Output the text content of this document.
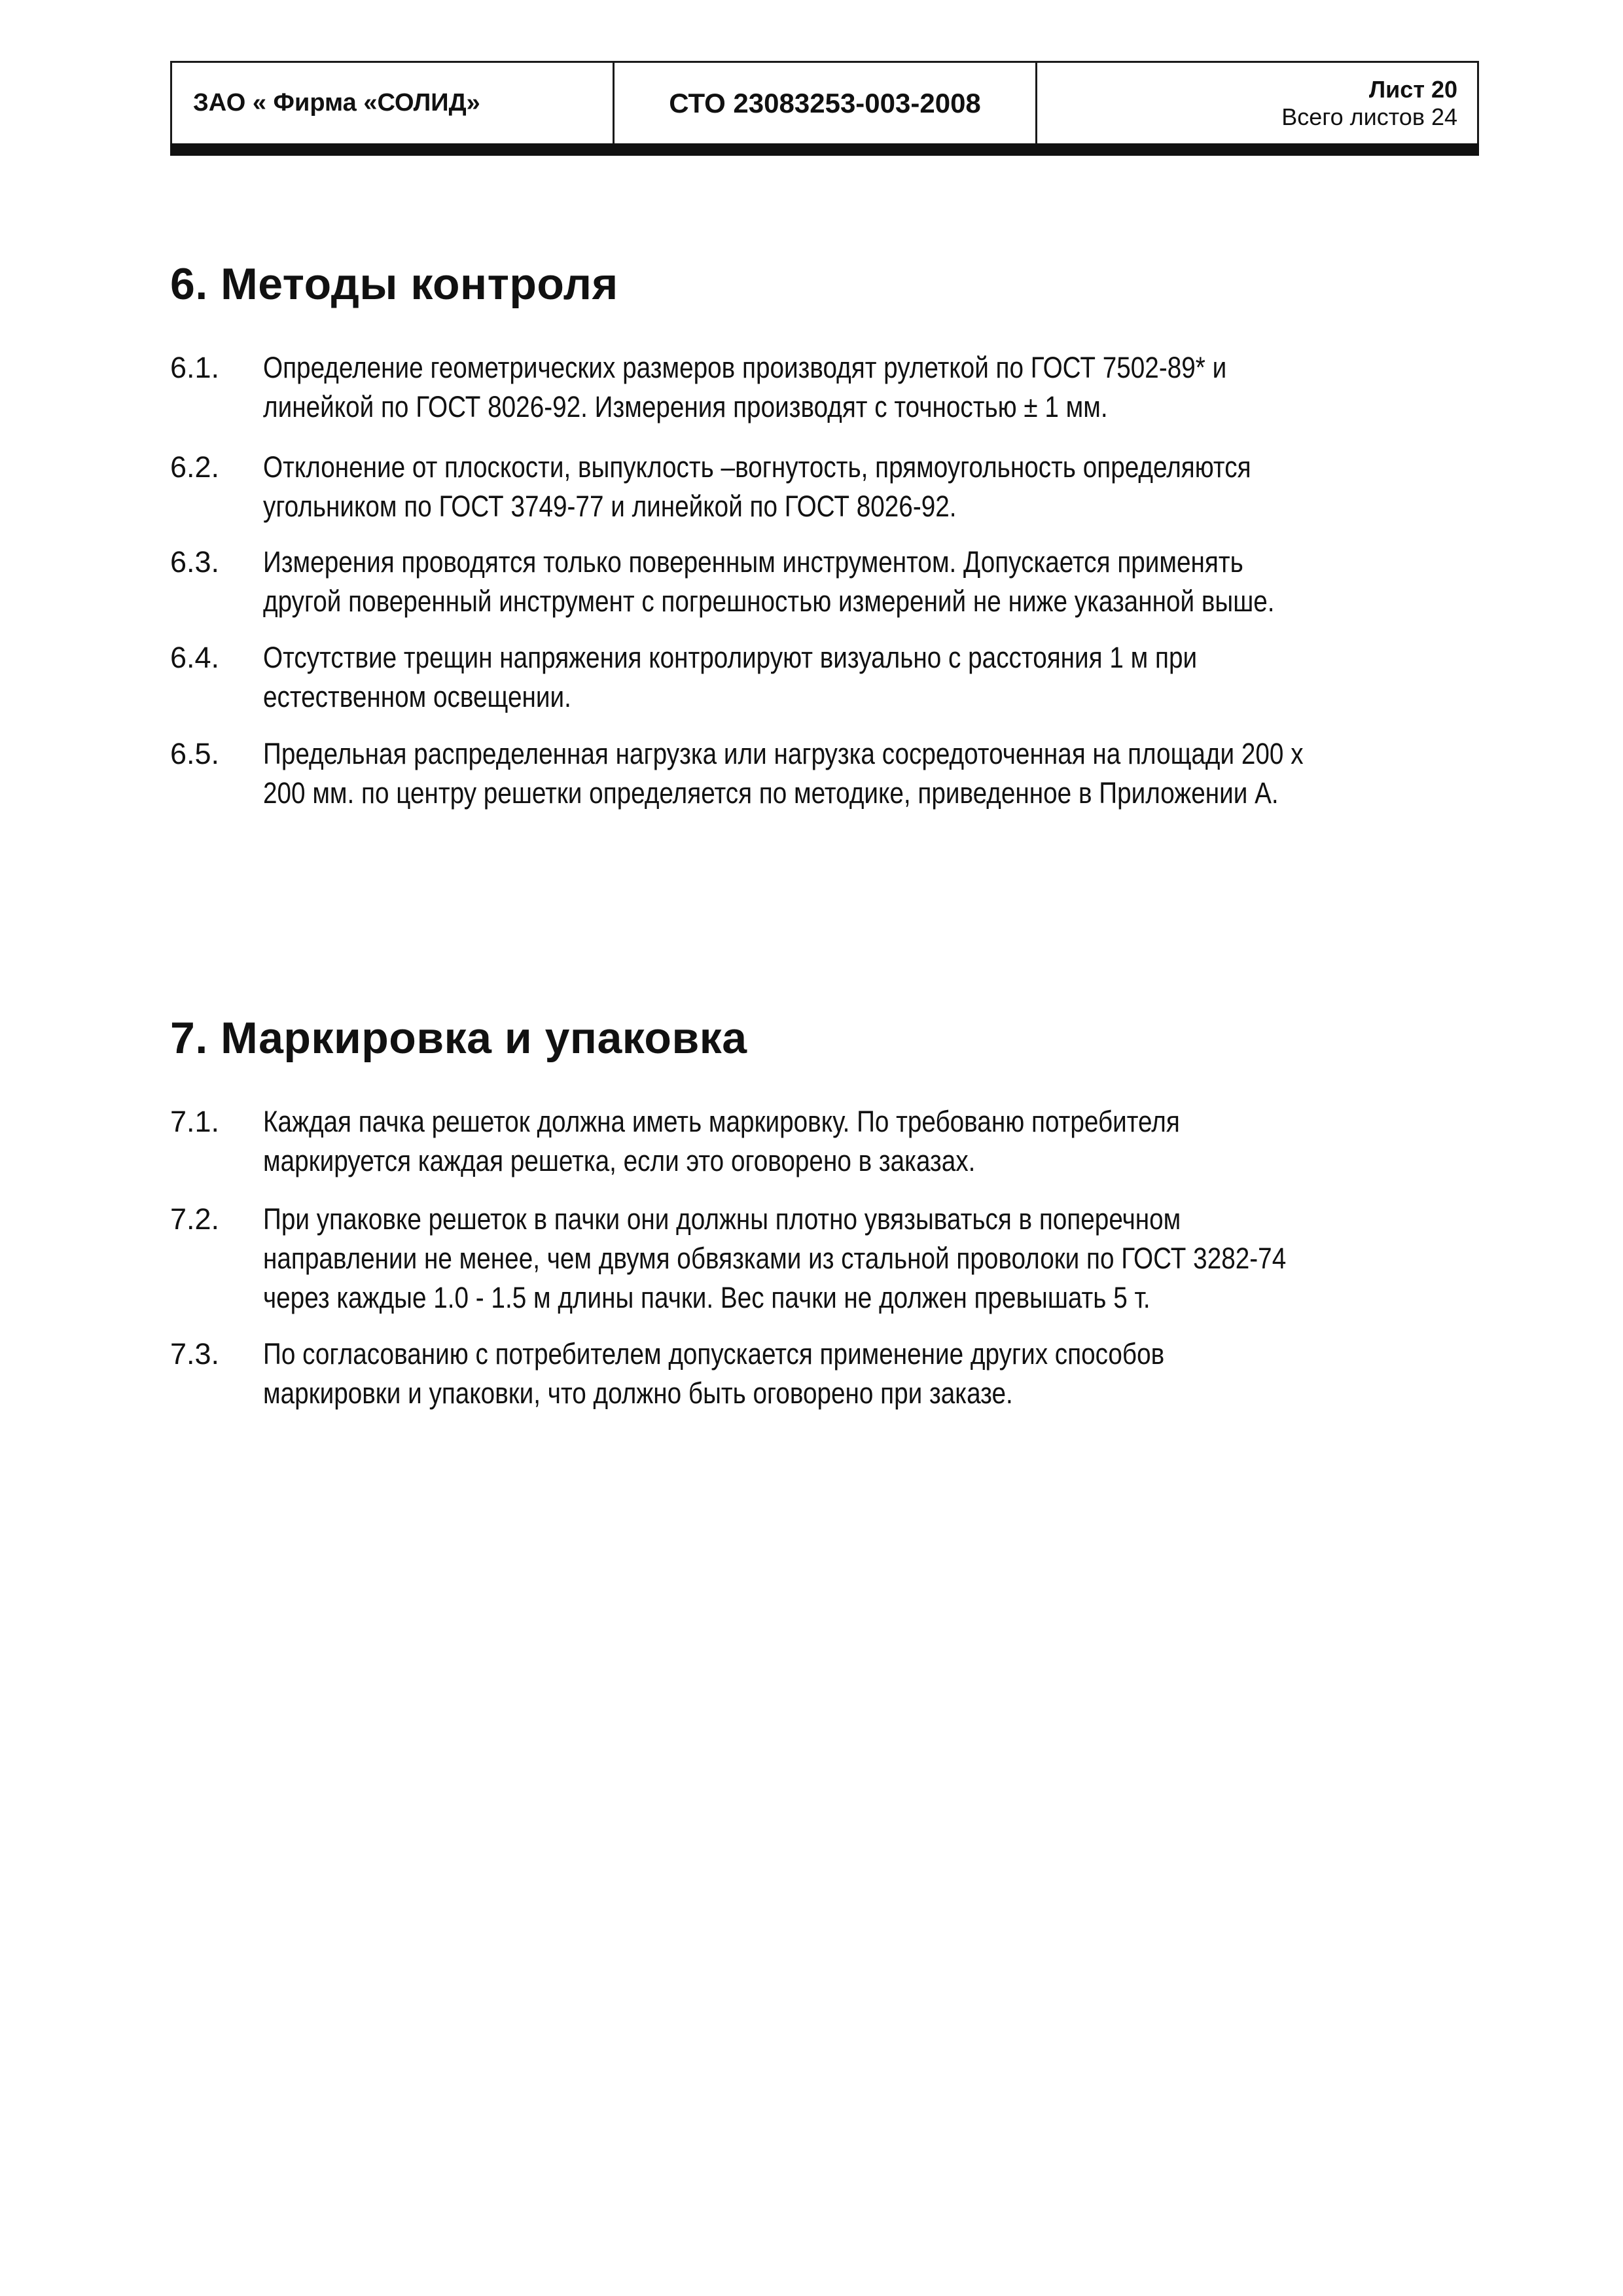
ЗАО « Фирма «СОЛИД»	СТО 23083253-003-2008	Лист 20
Всего листов 24
6. Методы контроля
6.1.	Определение геометрических размеров производят рулеткой по ГОСТ 7502-89* и линейкой по ГОСТ 8026-92. Измерения производят с точностью ± 1 мм.
6.2.	Отклонение от плоскости, выпуклость –вогнутость, прямоугольность определяются угольником по ГОСТ 3749-77 и линейкой по ГОСТ 8026-92.
6.3.	Измерения проводятся только поверенным инструментом. Допускается применять другой поверенный инструмент с погрешностью измерений не ниже указанной выше.
6.4.	Отсутствие трещин напряжения контролируют визуально с расстояния 1 м при естественном освещении.
6.5.	Предельная распределенная нагрузка или нагрузка сосредоточенная на площади 200 х 200 мм. по центру решетки определяется по методике, приведенное в Приложении А.
7. Маркировка и упаковка
7.1.	Каждая пачка решеток должна иметь маркировку. По требованю потребителя маркируется каждая решетка, если это оговорено в заказах.
7.2.	При упаковке решеток в пачки они должны плотно увязываться в поперечном направлении не менее, чем двумя обвязками из стальной проволоки по ГОСТ 3282-74 через каждые 1.0 - 1.5 м длины пачки. Вес пачки не должен превышать 5 т.
7.3.	По согласованию с потребителем допускается применение других способов маркировки и упаковки, что должно быть оговорено при заказе.
